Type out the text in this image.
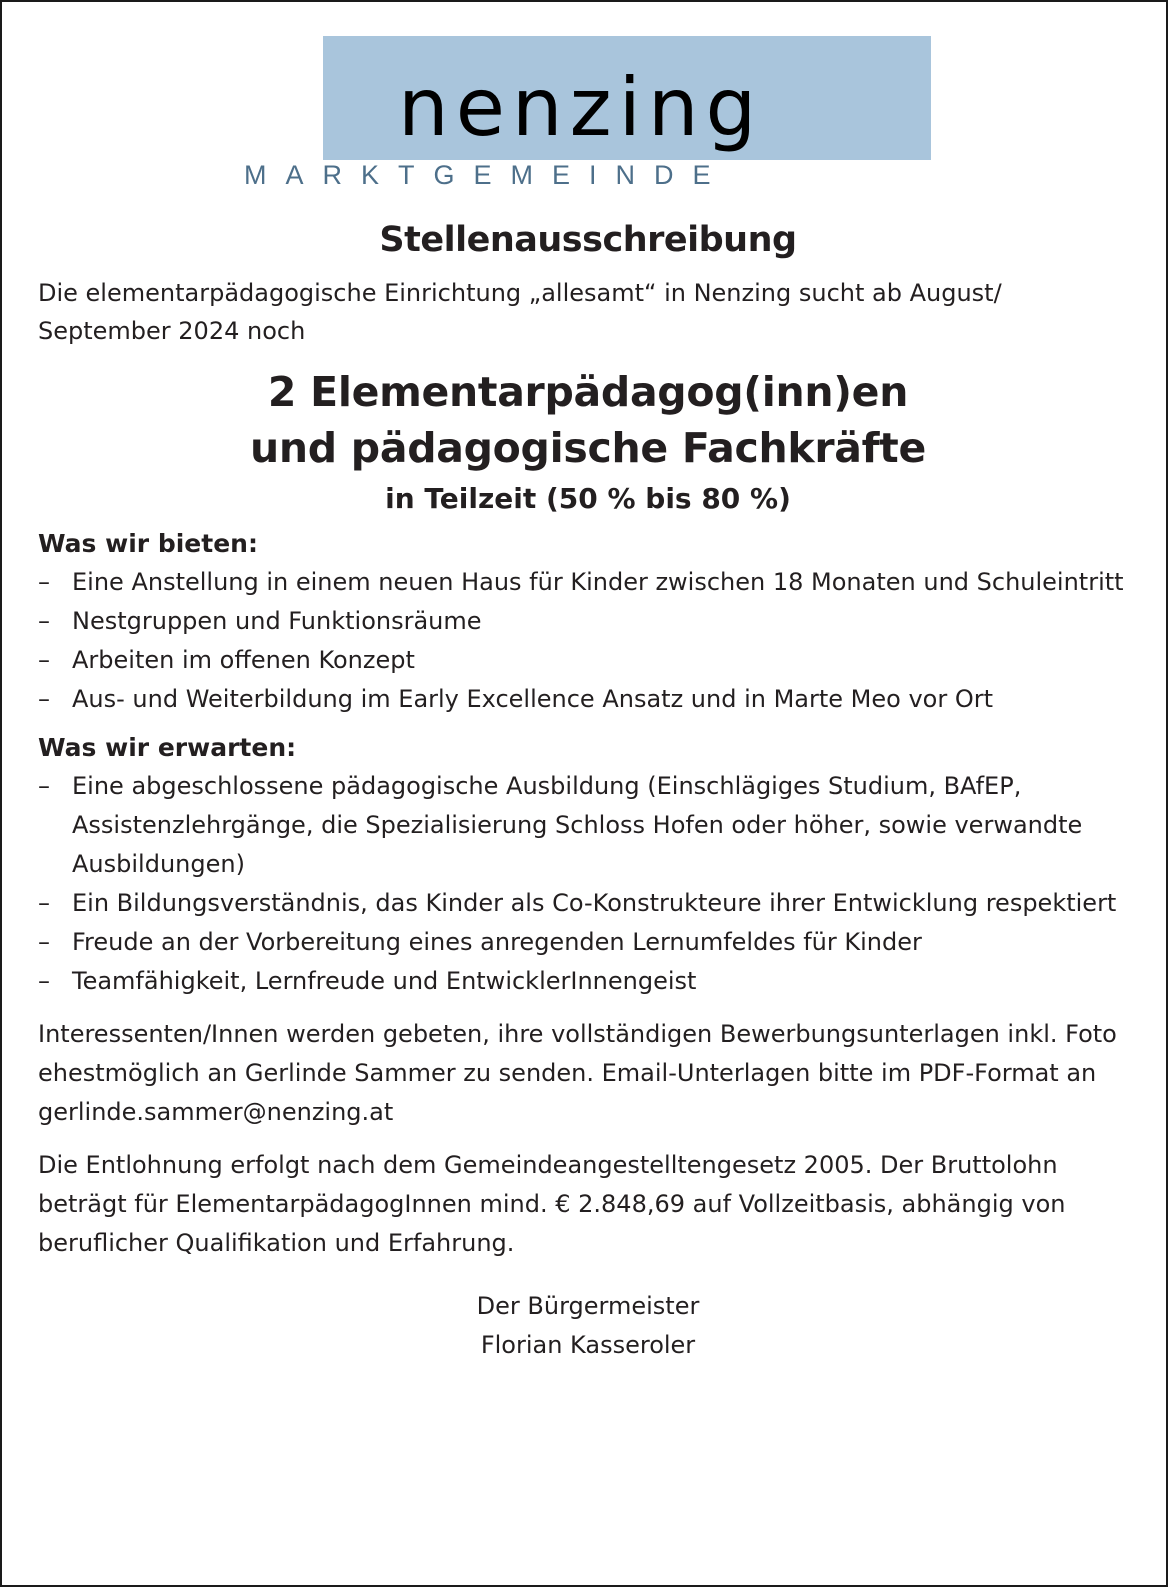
nenzing
MARKTGEMEINDE
Stellenausschreibung

Die elementarpädagogische Einrichtung „allesamt“ in Nenzing sucht ab August/
September 2024 noch

2 Elementarpädagog(inn)en
und pädagogische Fachkräfte
in Teilzeit (50 % bis 80 %)
Was wir bieten:
– Eine Anstellung in einem neuen Haus für Kinder zwischen 18 Monaten und Schuleintritt
– Nestgruppen und Funktionsräume
– Arbeiten im offenen Konzept
– Aus- und Weiterbildung im Early Excellence Ansatz und in Marte Meo vor Ort
Was wir erwarten:
– Eine abgeschlossene pädagogische Ausbildung (Einschlägiges Studium, BAfEP, Assistenzlehrgänge, die Spezialisierung Schloss Hofen oder höher, sowie verwandte Ausbildungen)
– Ein Bildungsverständnis, das Kinder als Co-Konstrukteure ihrer Entwicklung respektiert
– Freude an der Vorbereitung eines anregenden Lernumfeldes für Kinder
– Teamfähigkeit, Lernfreude und EntwicklerInnengeist

Interessenten/Innen werden gebeten, ihre vollständigen Bewerbungsunterlagen inkl. Foto ehestmöglich an Gerlinde Sammer zu senden. Email-Unterlagen bitte im PDF-Format an gerlinde.sammer@nenzing.at

Die Entlohnung erfolgt nach dem Gemeindeangestelltengesetz 2005. Der Bruttolohn beträgt für ElementarpädagogInnen mind. € 2.848,69 auf Vollzeitbasis, abhängig von beruflicher Qualifikation und Erfahrung.

Der Bürgermeister
Florian Kasseroler
